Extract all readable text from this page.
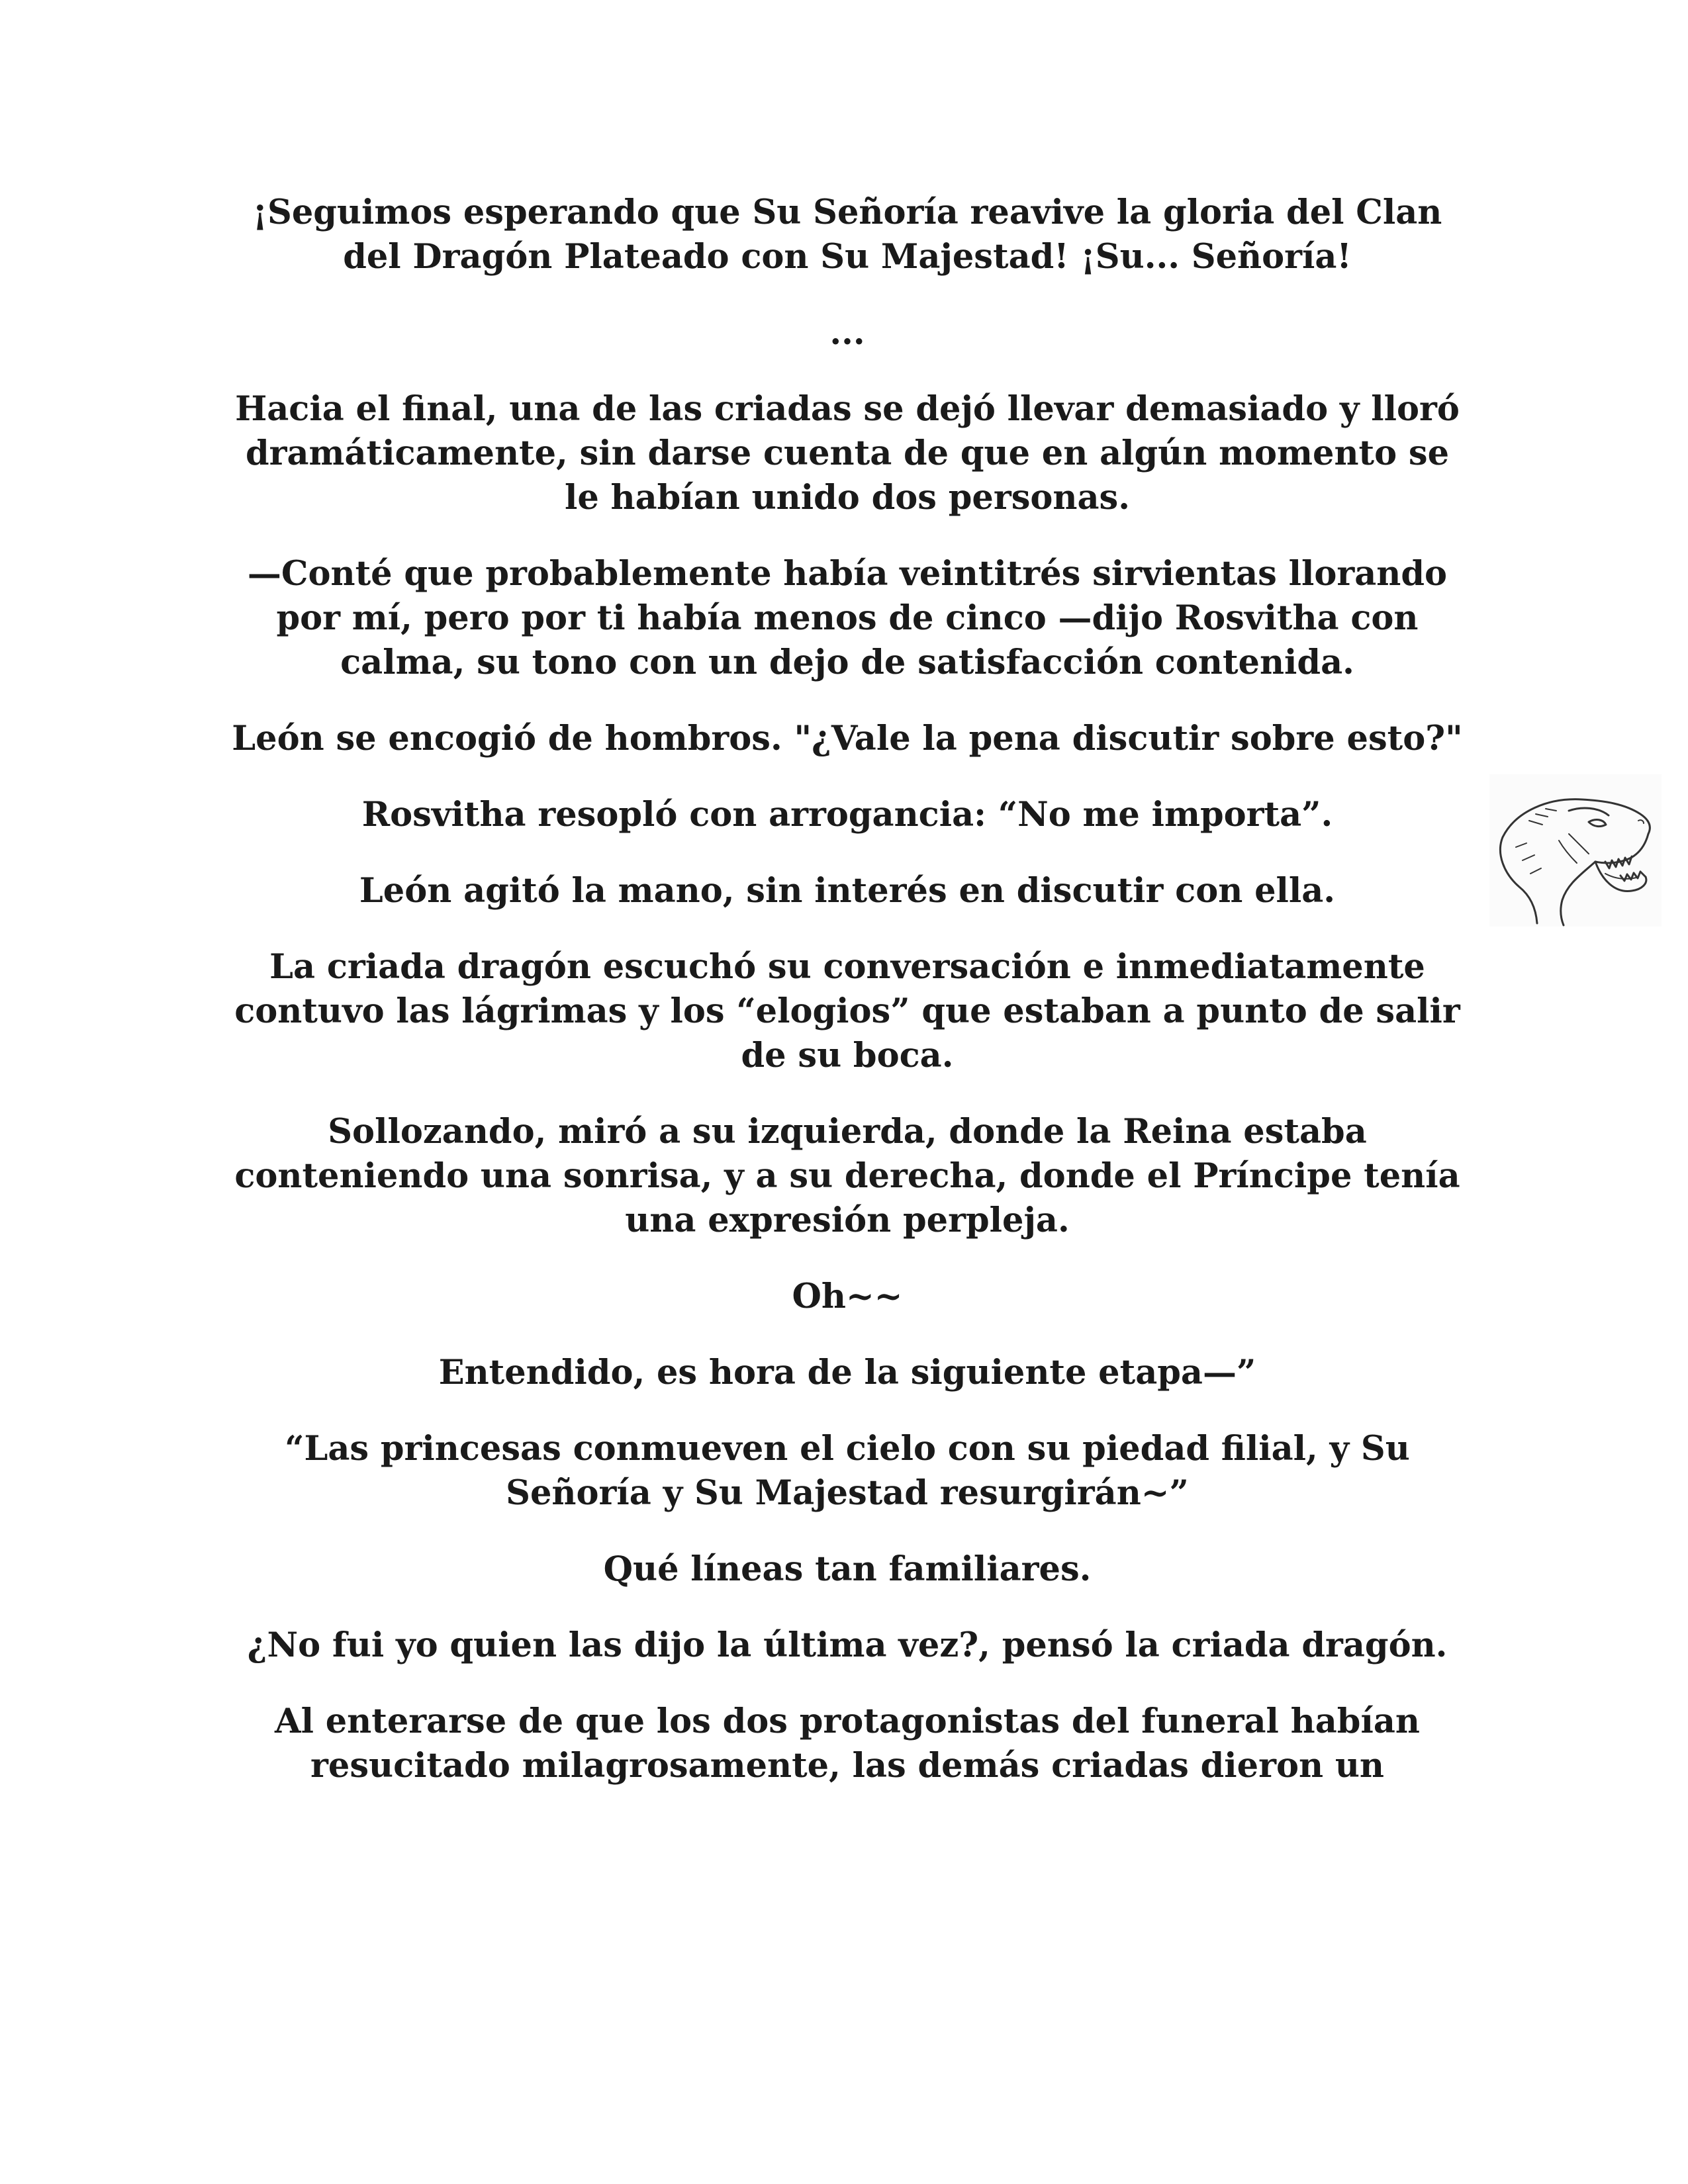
¡Seguimos esperando que Su Señoría reavive la gloria del Clan del Dragón Plateado con Su Majestad! ¡Su... Señoría!

...

Hacia el final, una de las criadas se dejó llevar demasiado y lloró dramáticamente, sin darse cuenta de que en algún momento se le habían unido dos personas.

—Conté que probablemente había veintitrés sirvientas llorando por mí, pero por ti había menos de cinco —dijo Rosvitha con calma, su tono con un dejo de satisfacción contenida.

León se encogió de hombros. "¿Vale la pena discutir sobre esto?"

Rosvitha resopló con arrogancia: “No me importa”.

León agitó la mano, sin interés en discutir con ella.

La criada dragón escuchó su conversación e inmediatamente contuvo las lágrimas y los “elogios” que estaban a punto de salir de su boca.

Sollozando, miró a su izquierda, donde la Reina estaba conteniendo una sonrisa, y a su derecha, donde el Príncipe tenía una expresión perpleja.

Oh~~

Entendido, es hora de la siguiente etapa—”

“Las princesas conmueven el cielo con su piedad filial, y Su Señoría y Su Majestad resurgirán~”

Qué líneas tan familiares.

¿No fui yo quien las dijo la última vez?, pensó la criada dragón.

Al enterarse de que los dos protagonistas del funeral habían resucitado milagrosamente, las demás criadas dieron un
